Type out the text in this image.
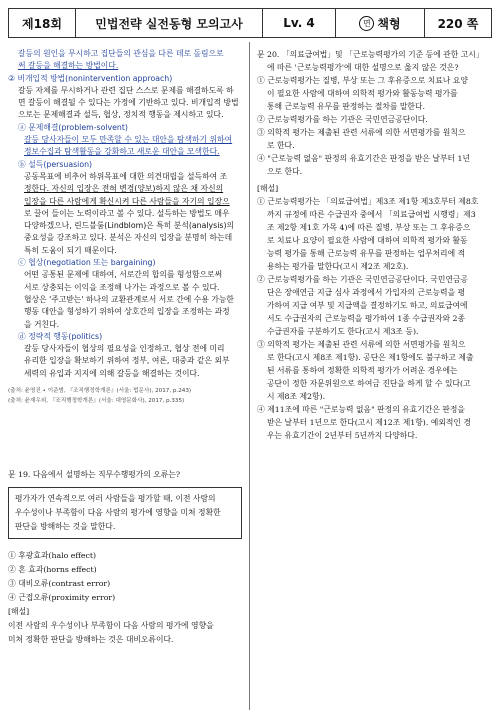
제18회	민법전략 실전동형 모의고사	Lv. 4	면 책형	220 쪽

갈등의 원인을 무시하고 집단들의 관심을 다른 데로 돌림으로

써 갈등을 해결하는 방법이다.

② 비개입적 방법(nonintervention approach)

갈등 자체를 무시하거나 관련 집단 스스로 문제를 해결하도록 하

면 갈등이 해결될 수 있다는 가정에 기반하고 있다. 비개입적 방법

으로는 문제해결과 설득, 협상, 정치적 행동을 제시하고 있다.

ⓐ 문제해결(problem-solvent)

갈등 당사자들이 모두 만족할 수 있는 대안을 탐색하기 위하여

정보수집과 탐색활동을 강화하고 새로운 대안을 모색한다.

ⓑ 설득(persuasion)

공동목표에 비추어 하위목표에 대한 의견대립을 설득하여 조

정한다. 자신의 입장은 전혀 변경(양보)하지 않은 채 자신의

입장을 다른 사람에게 확신시켜 다른 사람들을 자기의 입장으

로 끌어 들이는 노력이라고 볼 수 있다. 설득하는 방법도 매우

다양하겠으나, 린드블룸(Lindblom)은 특히 분석(analysis)의

중요성을 강조하고 있다. 분석은 자신의 입장을 분명히 하는데

특히 도움이 되기 때문이다.

ⓒ 협상(negotiation 또는 bargaining)

어떤 공통된 문제에 대하여, 서로간의 합의를 형성함으로써

서로 상충되는 이익을 조정해 나가는 과정으로 볼 수 있다.

협상은 '주고받는' 하나의 교환관계로서 서로 간에 수용 가능한

행동 대안을 형성하기 위하여 상호간의 입장을 조정하는 과정

을 거친다.

ⓓ 정략적 행동(politics)

갈등 당사자들이 협상의 필요성을 인정하고, 협상 전에 미리

유리한 입장을 확보하기 위하여 정부, 여론, 대중과 같은 외부

세력의 유입과 지지에 의해 갈등을 해결하는 것이다.

(출처: 윤영진 • 이준범, 『조직행정학개론』(서울: 법문사), 2017, p.243)
(출처: 윤재우외, 『조직행정학개론』(서울: 대영문화사), 2017, p.335)

문 19. 다음에서 설명하는 직무수행평가의 오류는?

평가자가 연속적으로 여러 사람들을 평가할 때, 이전 사람의
우수성이나 부족함이 다음 사람의 평가에 영향을 미쳐 정확한
판단을 방해하는 것을 말한다.

① 후광효과(halo effect)

② 혼 효과(horns effect)

③ 대비오류(contrast error)

④ 근접오류(proximity error)

[해설]

이전 사람의 우수성이나 부족함이 다음 사람의 평가에 영향을

미쳐 정확한 판단을 방해하는 것은 대비오류이다.

문 20. 「의료급여법」및 「근로능력평가의 기준 등에 관한 고시」

에 따른 '근로능력평가'에 대한 설명으로 옳지 않은 것은?

① 근로능력평가는 질병, 부상 또는 그 후유증으로 치료나 요양

이 필요한 사람에 대하여 의학적 평가와 활동능력 평가를

통해 근로능력 유무를 판정하는 절차를 말한다.

② 근로능력평가를 하는 기관은 국민연금공단이다.

③ 의학적 평가는 제출된 관련 서류에 의한 서면평가를 원칙으

로 한다.

④ "근로능력 없음" 판정의 유효기간은 판정을 받은 날부터 1년

으로 한다.

[해설]

① 근로능력평가는 「의료급여법」제3조 제1항 제3호부터 제8호

까지 규정에 따른 수급권자 중에서 「의료급여법 시행령」제3

조 제2항 제1호 가목 4)에 따른 질병, 부상 또는 그 후유증으

로 치료나 요양이 필요한 사람에 대하여 의학적 평가와 활동

능력 평가를 통해 근로능력 유무를 판정하는 업무처리에 적

용하는 평가를 말한다(고시 제2조 제2호).

② 근로능력평가를 하는 기관은 국민연금공단이다. 국민연금공

단은 장애연금 지급 심사 과정에서 가입자의 근로능력을 평

가하여 지급 여부 및 지급액을 결정하기도 하고, 의료급여에

서도 수급권자의 근로능력을 평가하여 1종 수급권자와 2종

수급권자를 구분하기도 한다(고시 제3조 등).

③ 의학적 평가는 제출된 관련 서류에 의한 서면평가를 원칙으

로 한다(고시 제8조 제1항). 공단은 제1항에도 불구하고 제출

된 서류를 통하여 정확한 의학적 평가가 어려운 경우에는

공단이 정한 자문위원으로 하여금 진단을 하게 할 수 있다(고

시 제8조 제2항).

④ 제11조에 따른 "근로능력 없음" 판정의 유효기간은 판정을

받은 날부터 1년으로 한다(고시 제12조 제1항). 예외적인 경

우는 유효기간이 2년부터 5년까지 다양하다.
